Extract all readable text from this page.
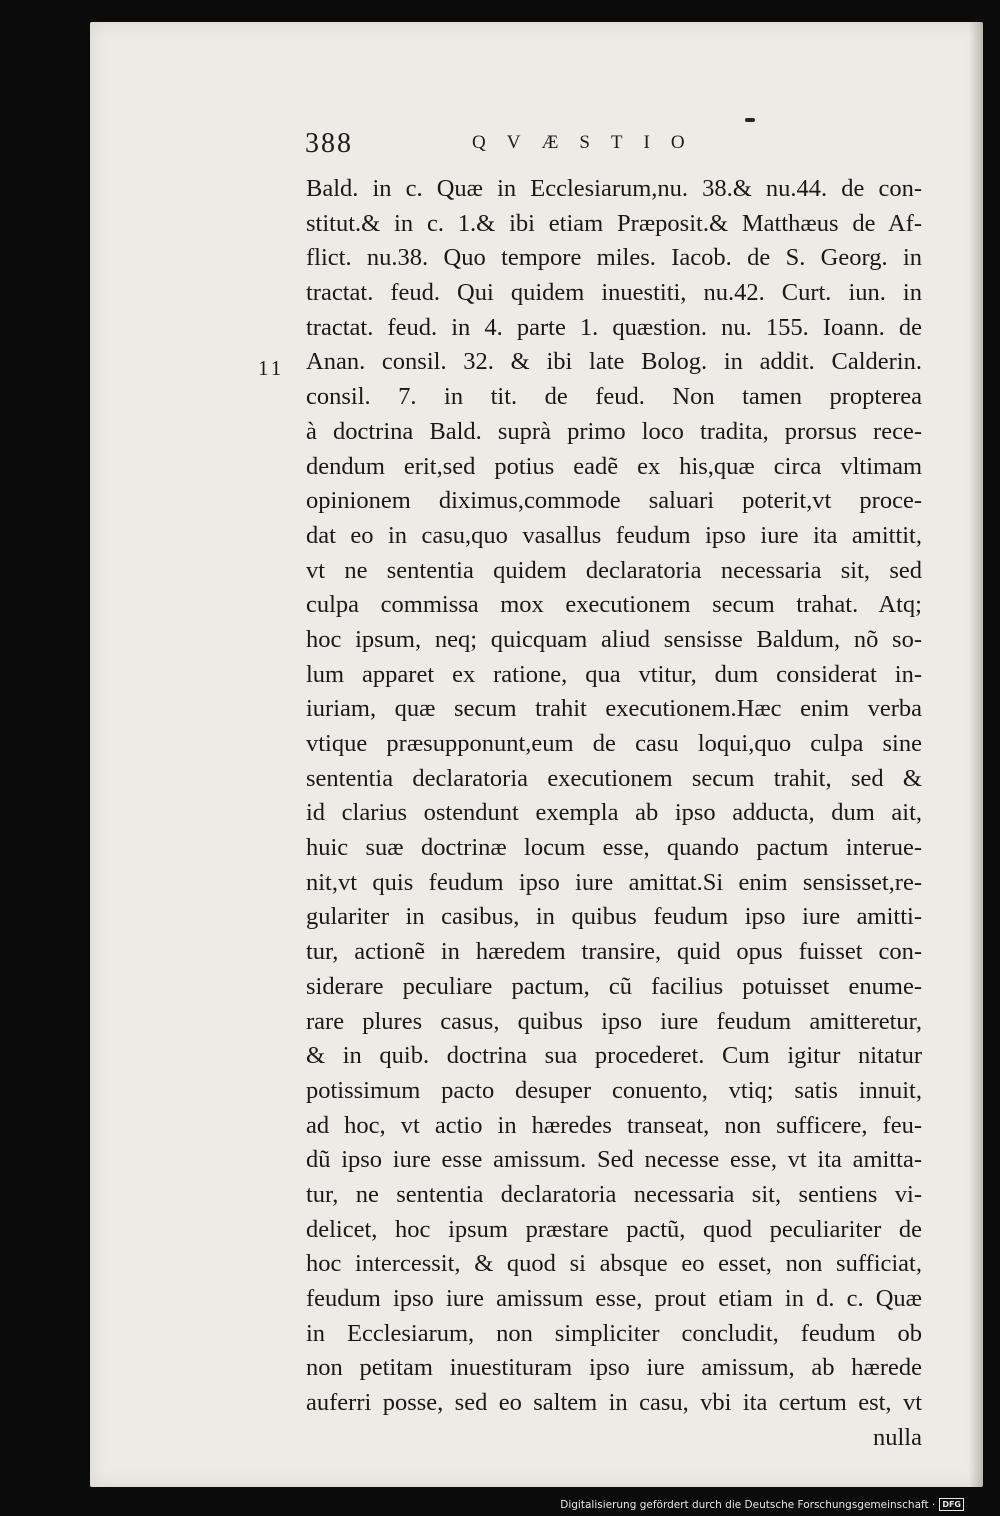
388	QVÆSTIO
11
Bald. in c. Quæ in Ecclesiarum,nu. 38.& nu.44. de con-
stitut.& in c. 1.& ibi etiam Præposit.& Matthæus de Af-
flict. nu.38. Quo tempore miles. Iacob. de S. Georg. in
tractat. feud. Qui quidem inuestiti, nu.42. Curt. iun. in
tractat. feud. in 4. parte 1. quæstion. nu. 155. Ioann. de
Anan. consil. 32. & ibi late Bolog. in addit. Calderin.
consil. 7. in tit. de feud. Non tamen propterea
à doctrina Bald. suprà primo loco tradita, prorsus rece-
dendum erit,sed potius eadẽ ex his,quæ circa vltimam
opinionem diximus,commode saluari poterit,vt proce-
dat eo in casu,quo vasallus feudum ipso iure ita amittit,
vt ne sententia quidem declaratoria necessaria sit, sed
culpa commissa mox executionem secum trahat. Atq;
hoc ipsum, neq; quicquam aliud sensisse Baldum, nõ so-
lum apparet ex ratione, qua vtitur, dum considerat in-
iuriam, quæ secum trahit executionem.Hæc enim verba
vtique præsupponunt,eum de casu loqui,quo culpa sine
sententia declaratoria executionem secum trahit, sed &
id clarius ostendunt exempla ab ipso adducta, dum ait,
huic suæ doctrinæ locum esse, quando pactum interue-
nit,vt quis feudum ipso iure amittat.Si enim sensisset,re-
gulariter in casibus, in quibus feudum ipso iure amitti-
tur, actionẽ in hæredem transire, quid opus fuisset con-
siderare peculiare pactum, cũ facilius potuisset enume-
rare plures casus, quibus ipso iure feudum amitteretur,
& in quib. doctrina sua procederet. Cum igitur nitatur
potissimum pacto desuper conuento, vtiq; satis innuit,
ad hoc, vt actio in hæredes transeat, non sufficere, feu-
dũ ipso iure esse amissum. Sed necesse esse, vt ita amitta-
tur, ne sententia declaratoria necessaria sit, sentiens vi-
delicet, hoc ipsum præstare pactũ, quod peculiariter de
hoc intercessit, & quod si absque eo esset, non sufficiat,
feudum ipso iure amissum esse, prout etiam in d. c. Quæ
in Ecclesiarum, non simpliciter concludit, feudum ob
non petitam inuestituram ipso iure amissum, ab hærede
auferri posse, sed eo saltem in casu, vbi ita certum est, vt
nulla
Digitalisierung gefördert durch die Deutsche Forschungsgemeinschaft · DFG
